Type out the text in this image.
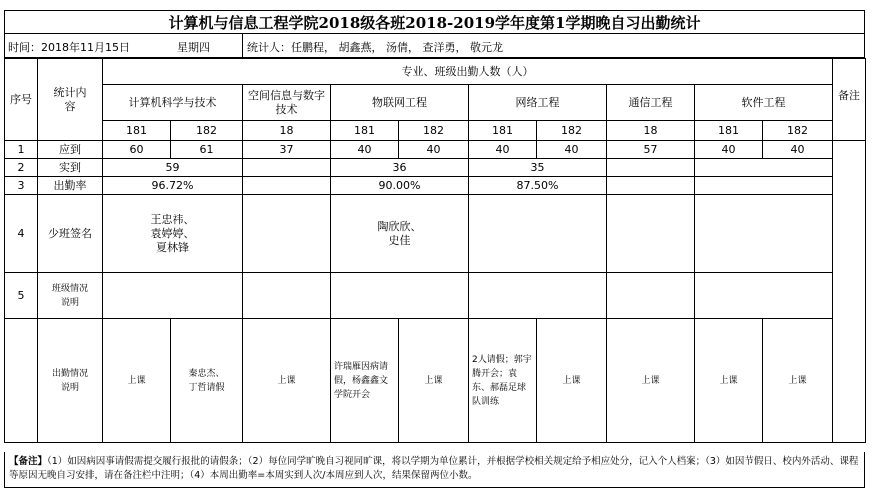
计算机与信息工程学院2018级各班2018-2019学年度第1学期晚自习出勤统计
时间：2018年11月15日	星期四	统计人：任鹏程， 胡鑫燕， 汤倩， 查洋勇， 敬元龙
序号	统计内容	专业、班级出勤人数（人）										备注	
		计算机科学与技术		空间信息与数字技术	物联网工程		网络工程		通信工程	软件工程			
		181	182	18	181	182	181	182	18	181	182		
1	应到	60	61	37	40	40	40	40	57	40	40		
2	实到	59			36		35						
3	出勤率	96.72%			90.00%		87.50%						
4	少班签名	王忠祎、袁婷婷、夏林锋			陶欣欣、史佳								

5	班级情况说明												
	出勤情况说明	上课	秦忠杰、丁哲请假	上课	许瑞雁因病请假，杨鑫鑫文学院开会	上课	2人请假；郭宇腾开会；袁东、郝磊足球队训练	上课	上课	上课	上课		
【备注】（1）如因病因事请假需提交履行报批的请假条；（2）每位同学旷晚自习视同旷课，将以学期为单位累计，并根据学校相关规定给予相应处分，记入个人档案；（3）如因节假日、校内外活动、课程等原因无晚自习安排，请在备注栏中注明；（4）本周出勤率=本周实到人次/本周应到人次，结果保留两位小数。
